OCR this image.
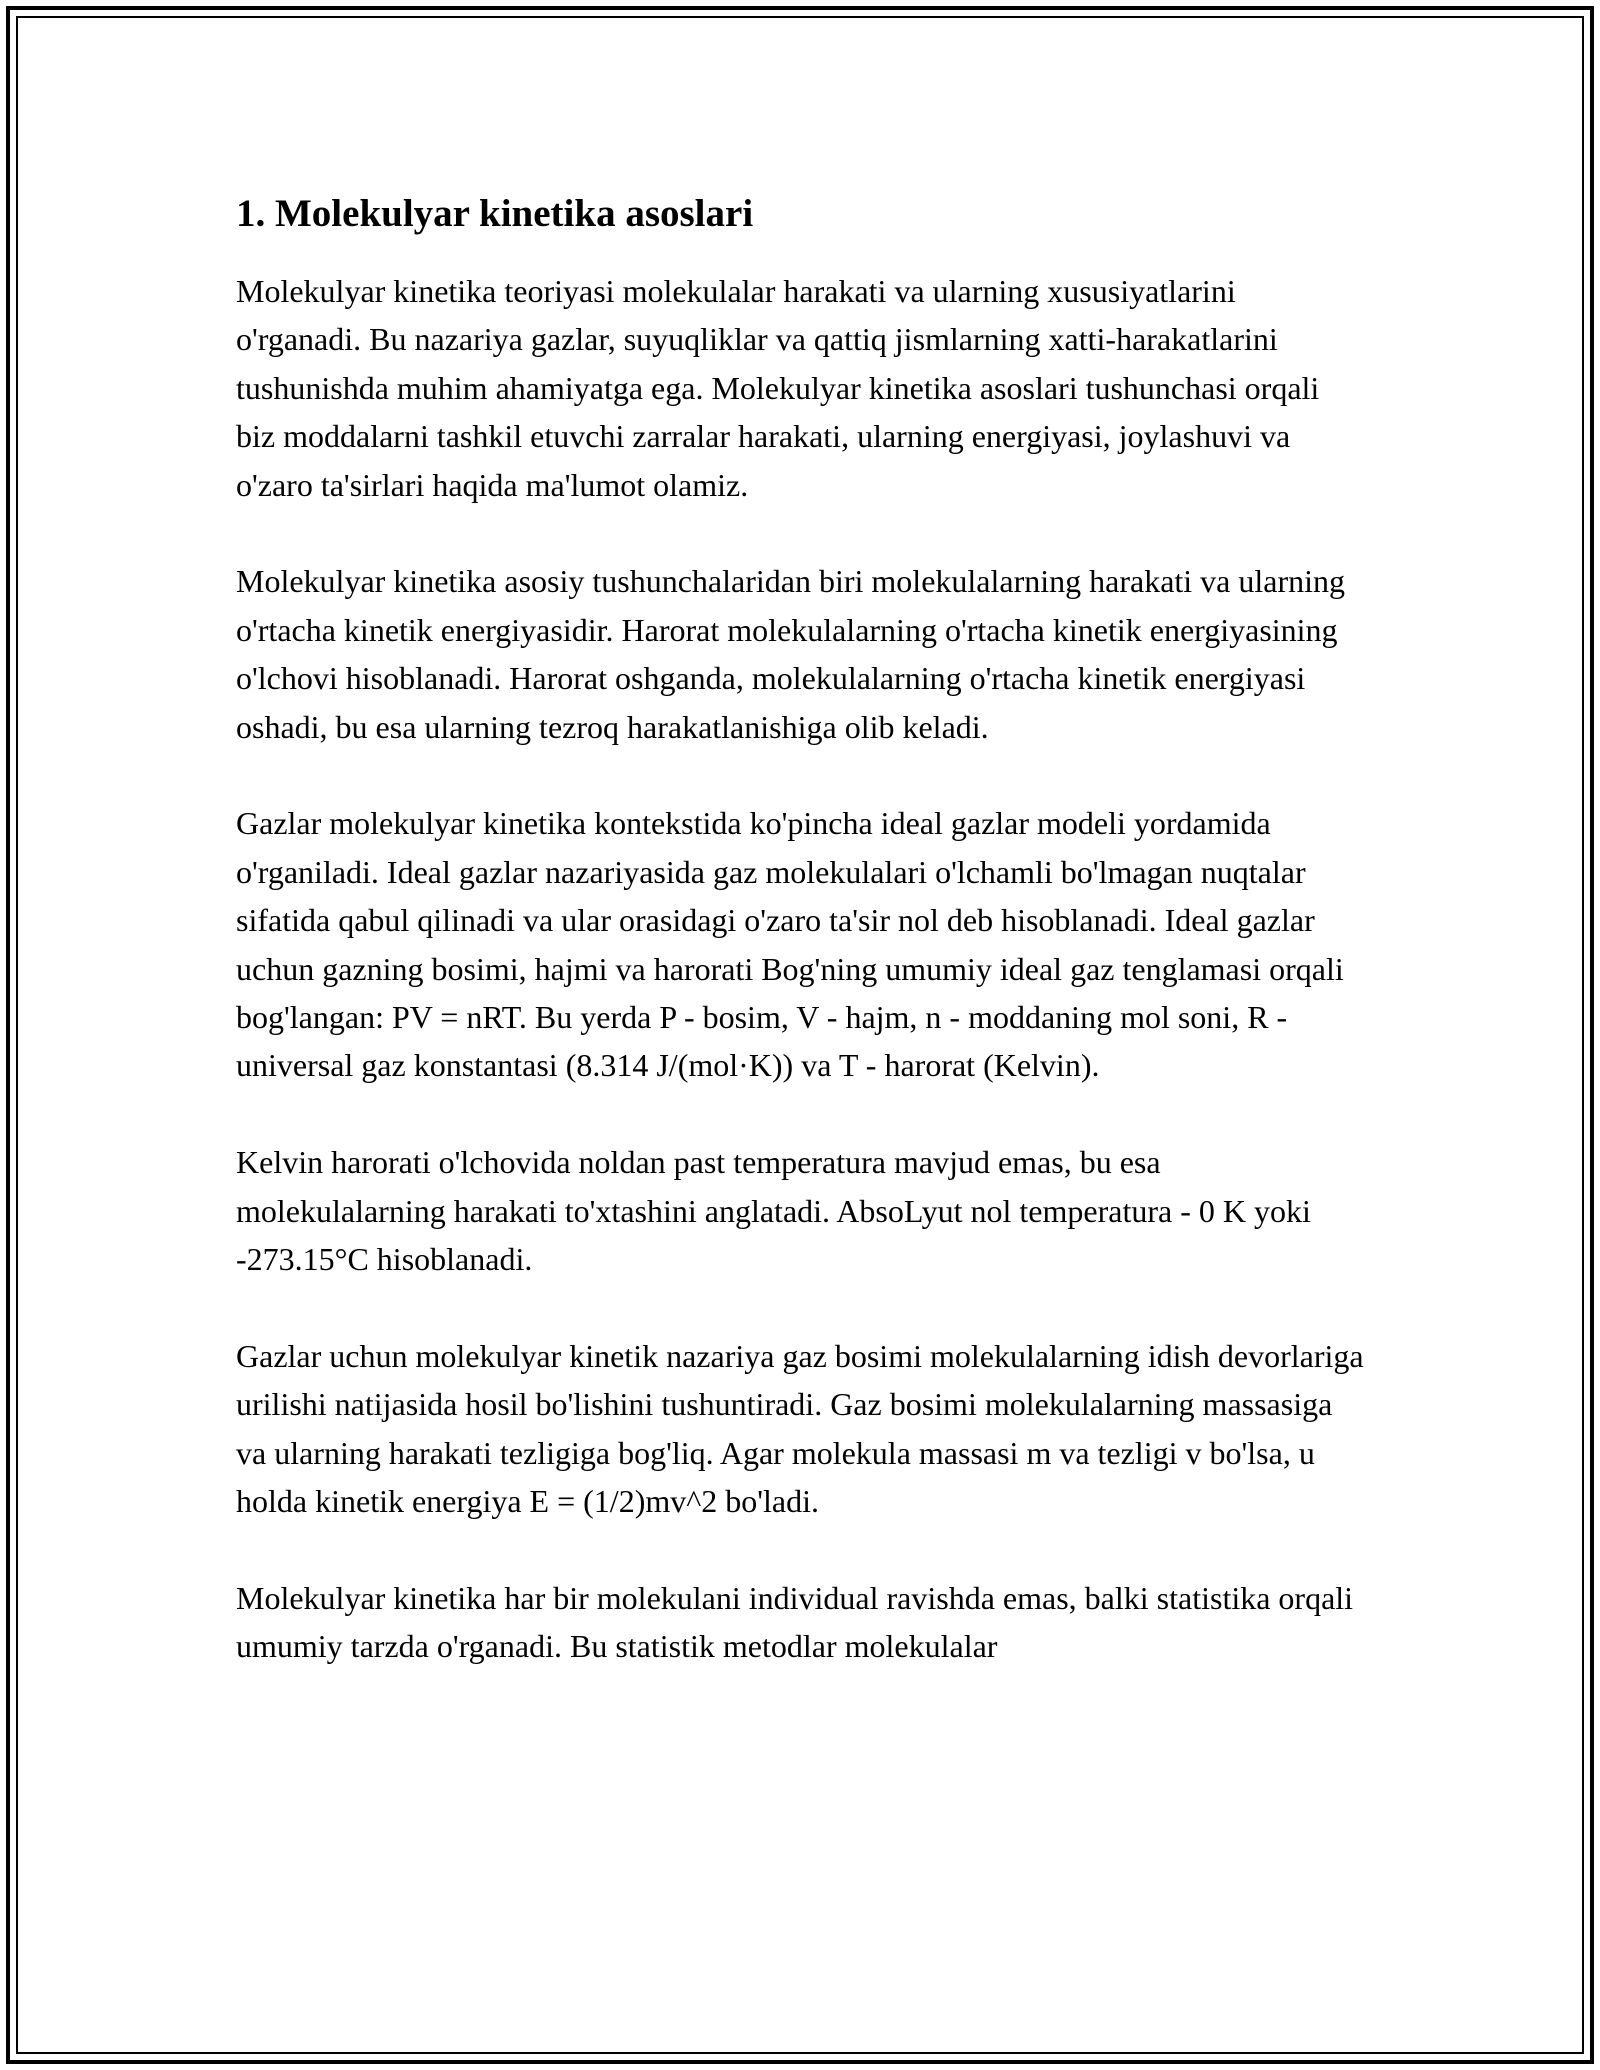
1. Molekulyar kinetika asoslari

Molekulyar kinetika teoriyasi molekulalar harakati va ularning xususiyatlarini o'rganadi. Bu nazariya gazlar, suyuqliklar va qattiq jismlarning xatti-harakatlarini tushunishda muhim ahamiyatga ega. Molekulyar kinetika asoslari tushunchasi orqali biz moddalarni tashkil etuvchi zarralar harakati, ularning energiyasi, joylashuvi va o'zaro ta'sirlari haqida ma'lumot olamiz.

Molekulyar kinetika asosiy tushunchalaridan biri molekulalarning harakati va ularning o'rtacha kinetik energiyasidir. Harorat molekulalarning o'rtacha kinetik energiyasining o'lchovi hisoblanadi. Harorat oshganda, molekulalarning o'rtacha kinetik energiyasi oshadi, bu esa ularning tezroq harakatlanishiga olib keladi.

Gazlar molekulyar kinetika kontekstida ko'pincha ideal gazlar modeli yordamida o'rganiladi. Ideal gazlar nazariyasida gaz molekulalari o'lchamli bo'lmagan nuqtalar sifatida qabul qilinadi va ular orasidagi o'zaro ta'sir nol deb hisoblanadi. Ideal gazlar uchun gazning bosimi, hajmi va harorati Bog'ning umumiy ideal gaz tenglamasi orqali bog'langan: PV = nRT. Bu yerda P - bosim, V - hajm, n - moddaning mol soni, R - universal gaz konstantasi (8.314 J/(mol·K)) va T - harorat (Kelvin).

Kelvin harorati o'lchovida noldan past temperatura mavjud emas, bu esa molekulalarning harakati to'xtashini anglatadi. AbsoLyut nol temperatura - 0 K yoki -273.15°C hisoblanadi.

Gazlar uchun molekulyar kinetik nazariya gaz bosimi molekulalarning idish devorlariga urilishi natijasida hosil bo'lishini tushuntiradi. Gaz bosimi molekulalarning massasiga va ularning harakati tezligiga bog'liq. Agar molekula massasi m va tezligi v bo'lsa, u holda kinetik energiya E = (1/2)mv^2 bo'ladi.

Molekulyar kinetika har bir molekulani individual ravishda emas, balki statistika orqali umumiy tarzda o'rganadi. Bu statistik metodlar molekulalar
